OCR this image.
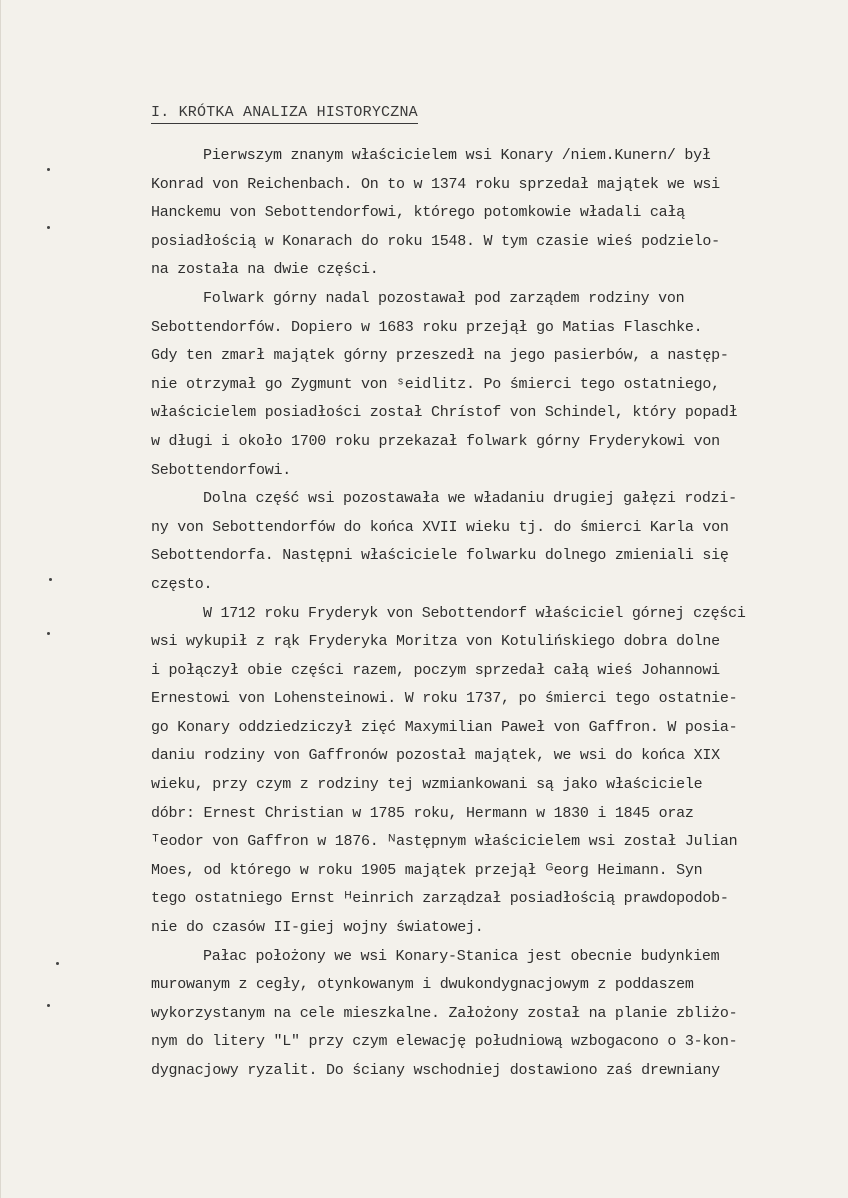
I. KRÓTKA ANALIZA HISTORYCZNA
Pierwszym znanym właścicielem wsi Konary /niem.Kunern/ był
Konrad von Reichenbach. On to w 1374 roku sprzedał majątek we wsi
Hanckemu von Sebottendorfowi, którego potomkowie władali całą
posiadłością w Konarach do roku 1548. W tym czasie wieś podzielo-
na została na dwie części.
Folwark górny nadal pozostawał pod zarządem rodziny von
Sebottendorfów. Dopiero w 1683 roku przejął go Matias Flaschke.
Gdy ten zmarł majątek górny przeszedł na jego pasierbów, a następ-
nie otrzymał go Zygmunt von ˢeidlitz. Po śmierci tego ostatniego,
właścicielem posiadłości został Chrístof von Schindel, który popadł
w długi i około 1700 roku przekazał folwark górny Fryderykowi von
Sebottendorfowi.
Dolna część wsi pozostawała we władaniu drugiej gałęzi rodzi-
ny von Sebottendorfów do końca XVII wieku tj. do śmierci Karla von
Sebottendorfa. Następni właściciele folwarku dolnego zmieniali się
często.
W 1712 roku Fryderyk von Sebottendorf właściciel górnej części
wsi wykupił z rąk Fryderyka Moritza von Kotulińskiego dobra dolne
i połączył obie części razem, poczym sprzedał całą wieś Johannowi
Ernestowi von Lohensteinowi. W roku 1737, po śmierci tego ostatnie-
go Konary oddziedziczył zięć Maxymilian Paweł von Gaffron. W posia-
daniu rodziny von Gaffronów pozostał majątek, we wsi do końca XIX
wieku, przy czym z rodziny tej wzmiankowani są jako właściciele
dóbr: Ernest Christian w 1785 roku, Hermann w 1830 i 1845 oraz
ᵀeodor von Gaffron w 1876. ᴺastępnym właścicielem wsi został Julian
Moes, od którego w roku 1905 majątek przejął ᴳeorg Heimann. Syn
tego ostatniego Ernst ᴴeinrich zarządzał posiadłością prawdopodob-
nie do czasów II-giej wojny światowej.
Pałac położony we wsi Konary-Stanica jest obecnie budynkiem
murowanym z cegły, otynkowanym i dwukondygnacjowym z poddaszem
wykorzystanym na cele mieszkalne. Założony został na planie zbliżo-
nym do litery "L" przy czym elewację południową wzbogacono o 3-kon-
dygnacjowy ryzalit. Do ściany wschodniej dostawiono zaś drewniany
